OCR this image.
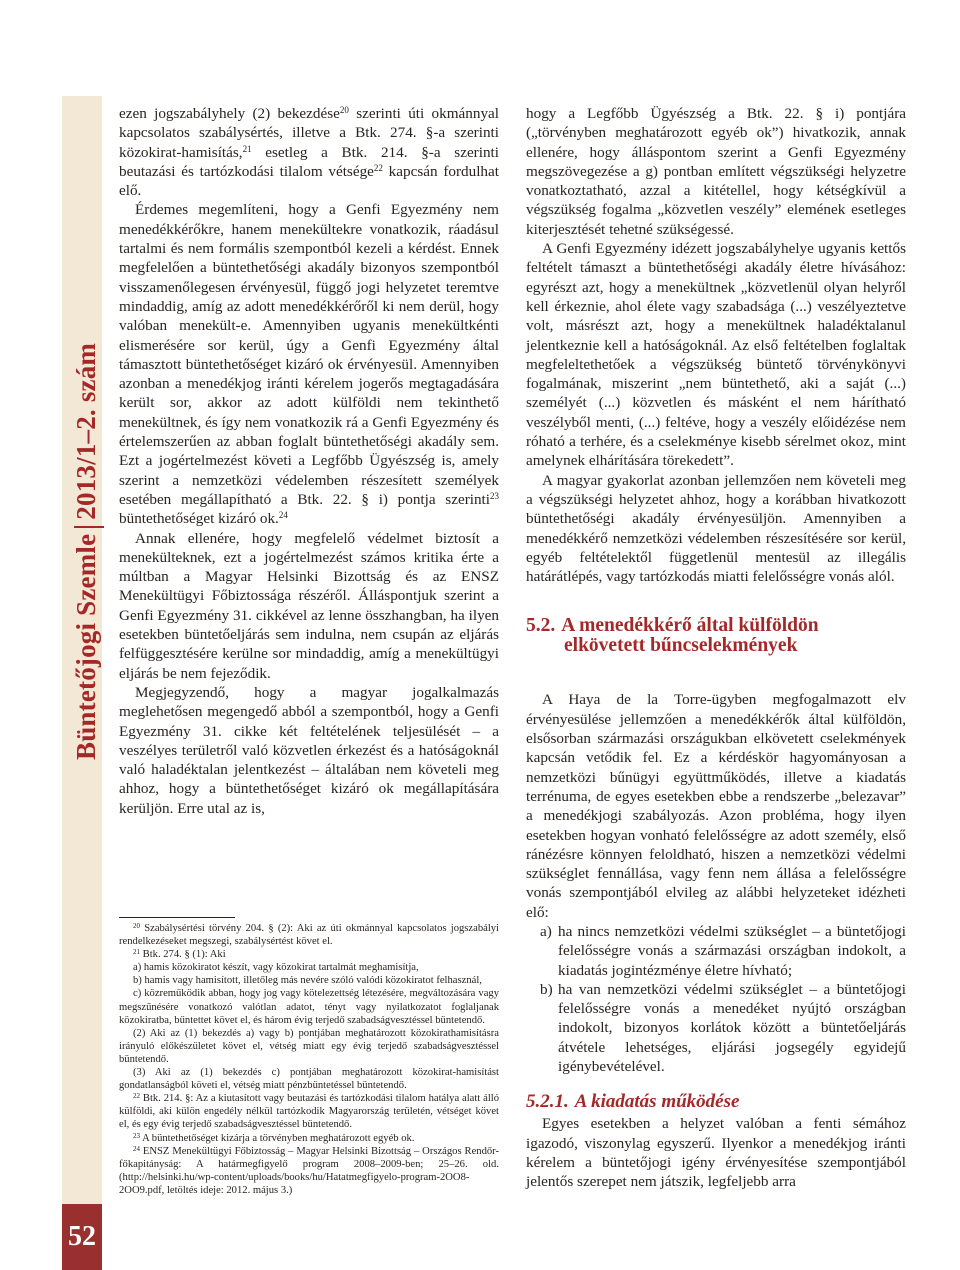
Büntetőjogi Szemle2013/1–2. szám
52

ezen jogszabályhely (2) bekezdése$^{20}$ szerinti úti okmánnyal kapcsolatos szabálysértés, illetve a Btk. 274. §-a szerinti közokirat-hamisítás,$^{21}$ esetleg a Btk. 214. §-a szerinti beutazási és tartózkodási tilalom vétsége$^{22}$ kapcsán fordulhat elő.

Érdemes megemlíteni, hogy a Genfi Egyezmény nem menedékkérőkre, hanem menekültekre vonatkozik, ráadásul tartalmi és nem formális szempontból kezeli a kérdést. Ennek megfelelően a büntethetőségi akadály bizonyos szempontból visszamenőlegesen érvényesül, függő jogi helyzetet teremtve mindaddig, amíg az adott menedékkérőről ki nem derül, hogy valóban menekült-e. Amennyiben ugyanis menekültkénti elismerésére sor kerül, úgy a Genfi Egyezmény által támasztott büntethetőséget kizáró ok érvényesül. Amennyiben azonban a menedékjog iránti kérelem jogerős megtagadására került sor, akkor az adott külföldi nem tekinthető menekültnek, és így nem vonatkozik rá a Genfi Egyezmény és értelemszerűen az abban foglalt büntethetőségi akadály sem. Ezt a jogértelmezést követi a Legfőbb Ügyészség is, amely szerint a nemzetközi védelemben részesített személyek esetében megállapítható a Btk. 22. § i) pontja szerinti$^{23}$ büntethetőséget kizáró ok.$^{24}$

Annak ellenére, hogy megfelelő védelmet biztosít a menekülteknek, ezt a jogértelmezést számos kritika érte a múltban a Magyar Helsinki Bizottság és az ENSZ Menekültügyi Főbiztossága részéről. Álláspontjuk szerint a Genfi Egyezmény 31. cikkével az lenne összhangban, ha ilyen esetekben büntetőeljárás sem indulna, nem csupán az eljárás felfüggesztésére kerülne sor mindaddig, amíg a menekültügyi eljárás be nem fejeződik.

Megjegyzendő, hogy a magyar jogalkalmazás meglehetősen megengedő abból a szempontból, hogy a Genfi Egyezmény 31. cikke két feltételének teljesülését – a veszélyes területről való közvetlen érkezést és a hatóságoknál való haladéktalan jelentkezést – általában nem követeli meg ahhoz, hogy a büntethetőséget kizáró ok megállapítására kerüljön. Erre utal az is,

$^{20}$ Szabálysértési törvény 204. § (2): Aki az úti okmánnyal kapcsolatos jogszabályi rendelkezéseket megszegi, szabálysértést követ el.

$^{21}$ Btk. 274. § (1): Aki

a) hamis közokiratot készít, vagy közokirat tartalmát meghamisítja,

b) hamis vagy hamisított, illetőleg más nevére szóló valódi közokiratot felhasznál,

c) közreműködik abban, hogy jog vagy kötelezettség létezésére, megváltozására vagy megszűnésére vonatkozó valótlan adatot, tényt vagy nyilatkozatot foglaljanak közokiratba, bűntettet követ el, és három évig terjedő szabadságvesztéssel büntetendő.

(2) Aki az (1) bekezdés a) vagy b) pontjában meghatározott közokirathamisításra irányuló előkészületet követ el, vétség miatt egy évig terjedő szabadságvesztéssel büntetendő.

(3) Aki az (1) bekezdés c) pontjában meghatározott közokirat-hamisítást gondatlanságból követi el, vétség miatt pénzbüntetéssel büntetendő.

$^{22}$ Btk. 214. §: Az a kiutasított vagy beutazási és tartózkodási tilalom hatálya alatt álló külföldi, aki külön engedély nélkül tartózkodik Magyarország területén, vétséget követ el, és egy évig terjedő szabadságvesztéssel büntetendő.

$^{23}$ A büntethetőséget kizárja a törvényben meghatározott egyéb ok.

$^{24}$ ENSZ Menekültügyi Főbiztosság – Magyar Helsinki Bizottság – Országos Rendőr-főkapitányság: A határmegfigyelő program 2008–2009-ben; 25–26. old. (http://helsinki.hu/wp-content/uploads/books/hu/Hatatmegfigyelo-program-2OO8-2OO9.pdf, letöltés ideje: 2012. május 3.)

hogy a Legfőbb Ügyészség a Btk. 22. § i) pontjára („törvényben meghatározott egyéb ok”) hivatkozik, annak ellenére, hogy álláspontom szerint a Genfi Egyezmény megszövegezése a g) pontban említett végszükségi helyzetre vonatkoztatható, azzal a kitétellel, hogy kétségkívül a végszükség fogalma „közvetlen veszély” elemének esetleges kiterjesztését tehetné szükségessé.

A Genfi Egyezmény idézett jogszabályhelye ugyanis kettős feltételt támaszt a büntethetőségi akadály életre hívásához: egyrészt azt, hogy a menekültnek „közvetlenül olyan helyről kell érkeznie, ahol élete vagy szabadsága (...) veszélyeztetve volt, másrészt azt, hogy a menekültnek haladéktalanul jelentkeznie kell a hatóságoknál. Az első feltételben foglaltak megfeleltethetőek a végszükség büntető törvénykönyvi fogalmának, miszerint „nem büntethető, aki a saját (...) személyét (...) közvetlen és másként el nem hárítható veszélyből menti, (...) feltéve, hogy a veszély előidézése nem róható a terhére, és a cselekménye kisebb sérelmet okoz, mint amelynek elhárítására törekedett”.

A magyar gyakorlat azonban jellemzően nem követeli meg a végszükségi helyzetet ahhoz, hogy a korábban hivatkozott büntethetőségi akadály érvényesüljön. Amennyiben a menedékkérő nemzetközi védelemben részesítésére sor kerül, egyéb feltételektől függetlenül mentesül az illegális határátlépés, vagy tartózkodás miatti felelősségre vonás alól.

5.2. A menedékkérő által külföldön
elkövetett bűncselekmények

A Haya de la Torre-ügyben megfogalmazott elv érvényesülése jellemzően a menedékkérők által külföldön, elsősorban származási országukban elkövetett cselekmények kapcsán vetődik fel. Ez a kérdéskör hagyományosan a nemzetközi bűnügyi együttműködés, illetve a kiadatás terrénuma, de egyes esetekben ebbe a rendszerbe „belezavar” a menedékjogi szabályozás. Azon probléma, hogy ilyen esetekben hogyan vonható felelősségre az adott személy, első ránézésre könnyen feloldható, hiszen a nemzetközi védelmi szükséglet fennállása, vagy fenn nem állása a felelősségre vonás szempontjából elvileg az alábbi helyzeteket idézheti elő:

a) ha nincs nemzetközi védelmi szükséglet – a büntetőjogi felelősségre vonás a származási országban indokolt, a kiadatás jogintézménye életre hívható;
b) ha van nemzetközi védelmi szükséglet – a büntetőjogi felelősségre vonás a menedéket nyújtó országban indokolt, bizonyos korlátok között a büntetőeljárás átvétele lehetséges, eljárási jogsegély egyidejű igénybevételével.
5.2.1. A kiadatás működése

Egyes esetekben a helyzet valóban a fenti sémához igazodó, viszonylag egyszerű. Ilyenkor a menedékjog iránti kérelem a büntetőjogi igény érvényesítése szempontjából jelentős szerepet nem játszik, legfeljebb arra
